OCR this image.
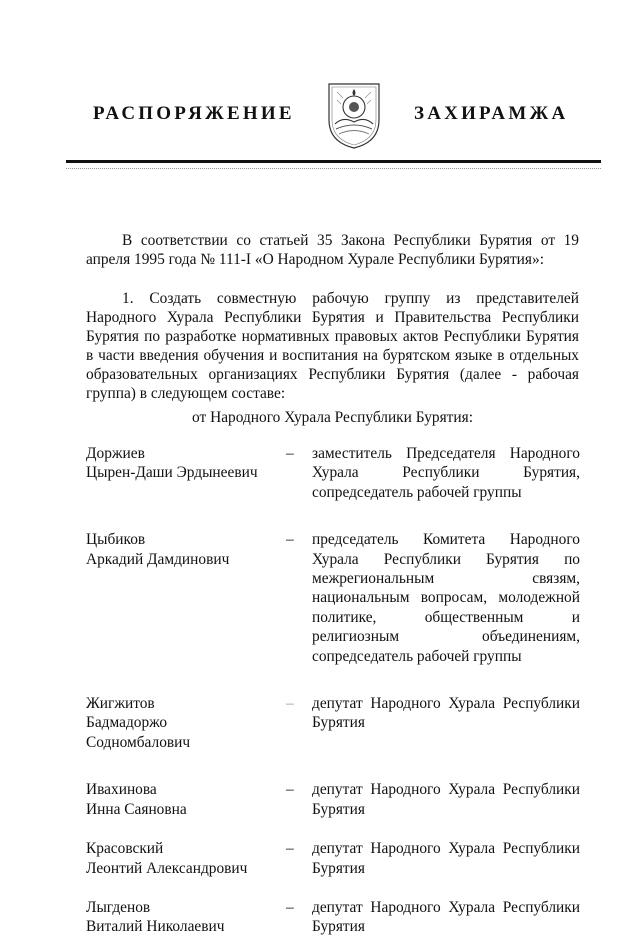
РАСПОРЯЖЕНИЕ	ЗАХИРАМЖА
В соответствии со статьей 35 Закона Республики Бурятия от 19 апреля 1995 года № 111-I «О Народном Хурале Республики Бурятия»:
1. Создать совместную рабочую группу из представителей Народного Хурала Республики Бурятия и Правительства Республики Бурятия по разработке нормативных правовых актов Республики Бурятия в части введения обучения и воспитания на бурятском языке в отдельных образовательных организациях Республики Бурятия (далее - рабочая группа) в следующем составе:
от Народного Хурала Республики Бурятия:
Доржиев
Цырен-Даши Эрдынеевич
–	заместитель Председателя Народного Хурала Республики Бурятия, сопредседатель рабочей группы
Цыбиков
Аркадий Дамдинович
–	председатель Комитета Народного Хурала Республики Бурятия по межрегиональным связям, национальным вопросам, молодежной политике, общественным и религиозным объединениям, сопредседатель рабочей группы
Жигжитов
Бадмадоржо Содномбалович
–	депутат Народного Хурала Республики Бурятия
Ивахинова
Инна Саяновна
–	депутат Народного Хурала Республики Бурятия
Красовский
Леонтий Александрович
–	депутат Народного Хурала Республики Бурятия
Лыгденов
Виталий Николаевич
–	депутат Народного Хурала Республики Бурятия
